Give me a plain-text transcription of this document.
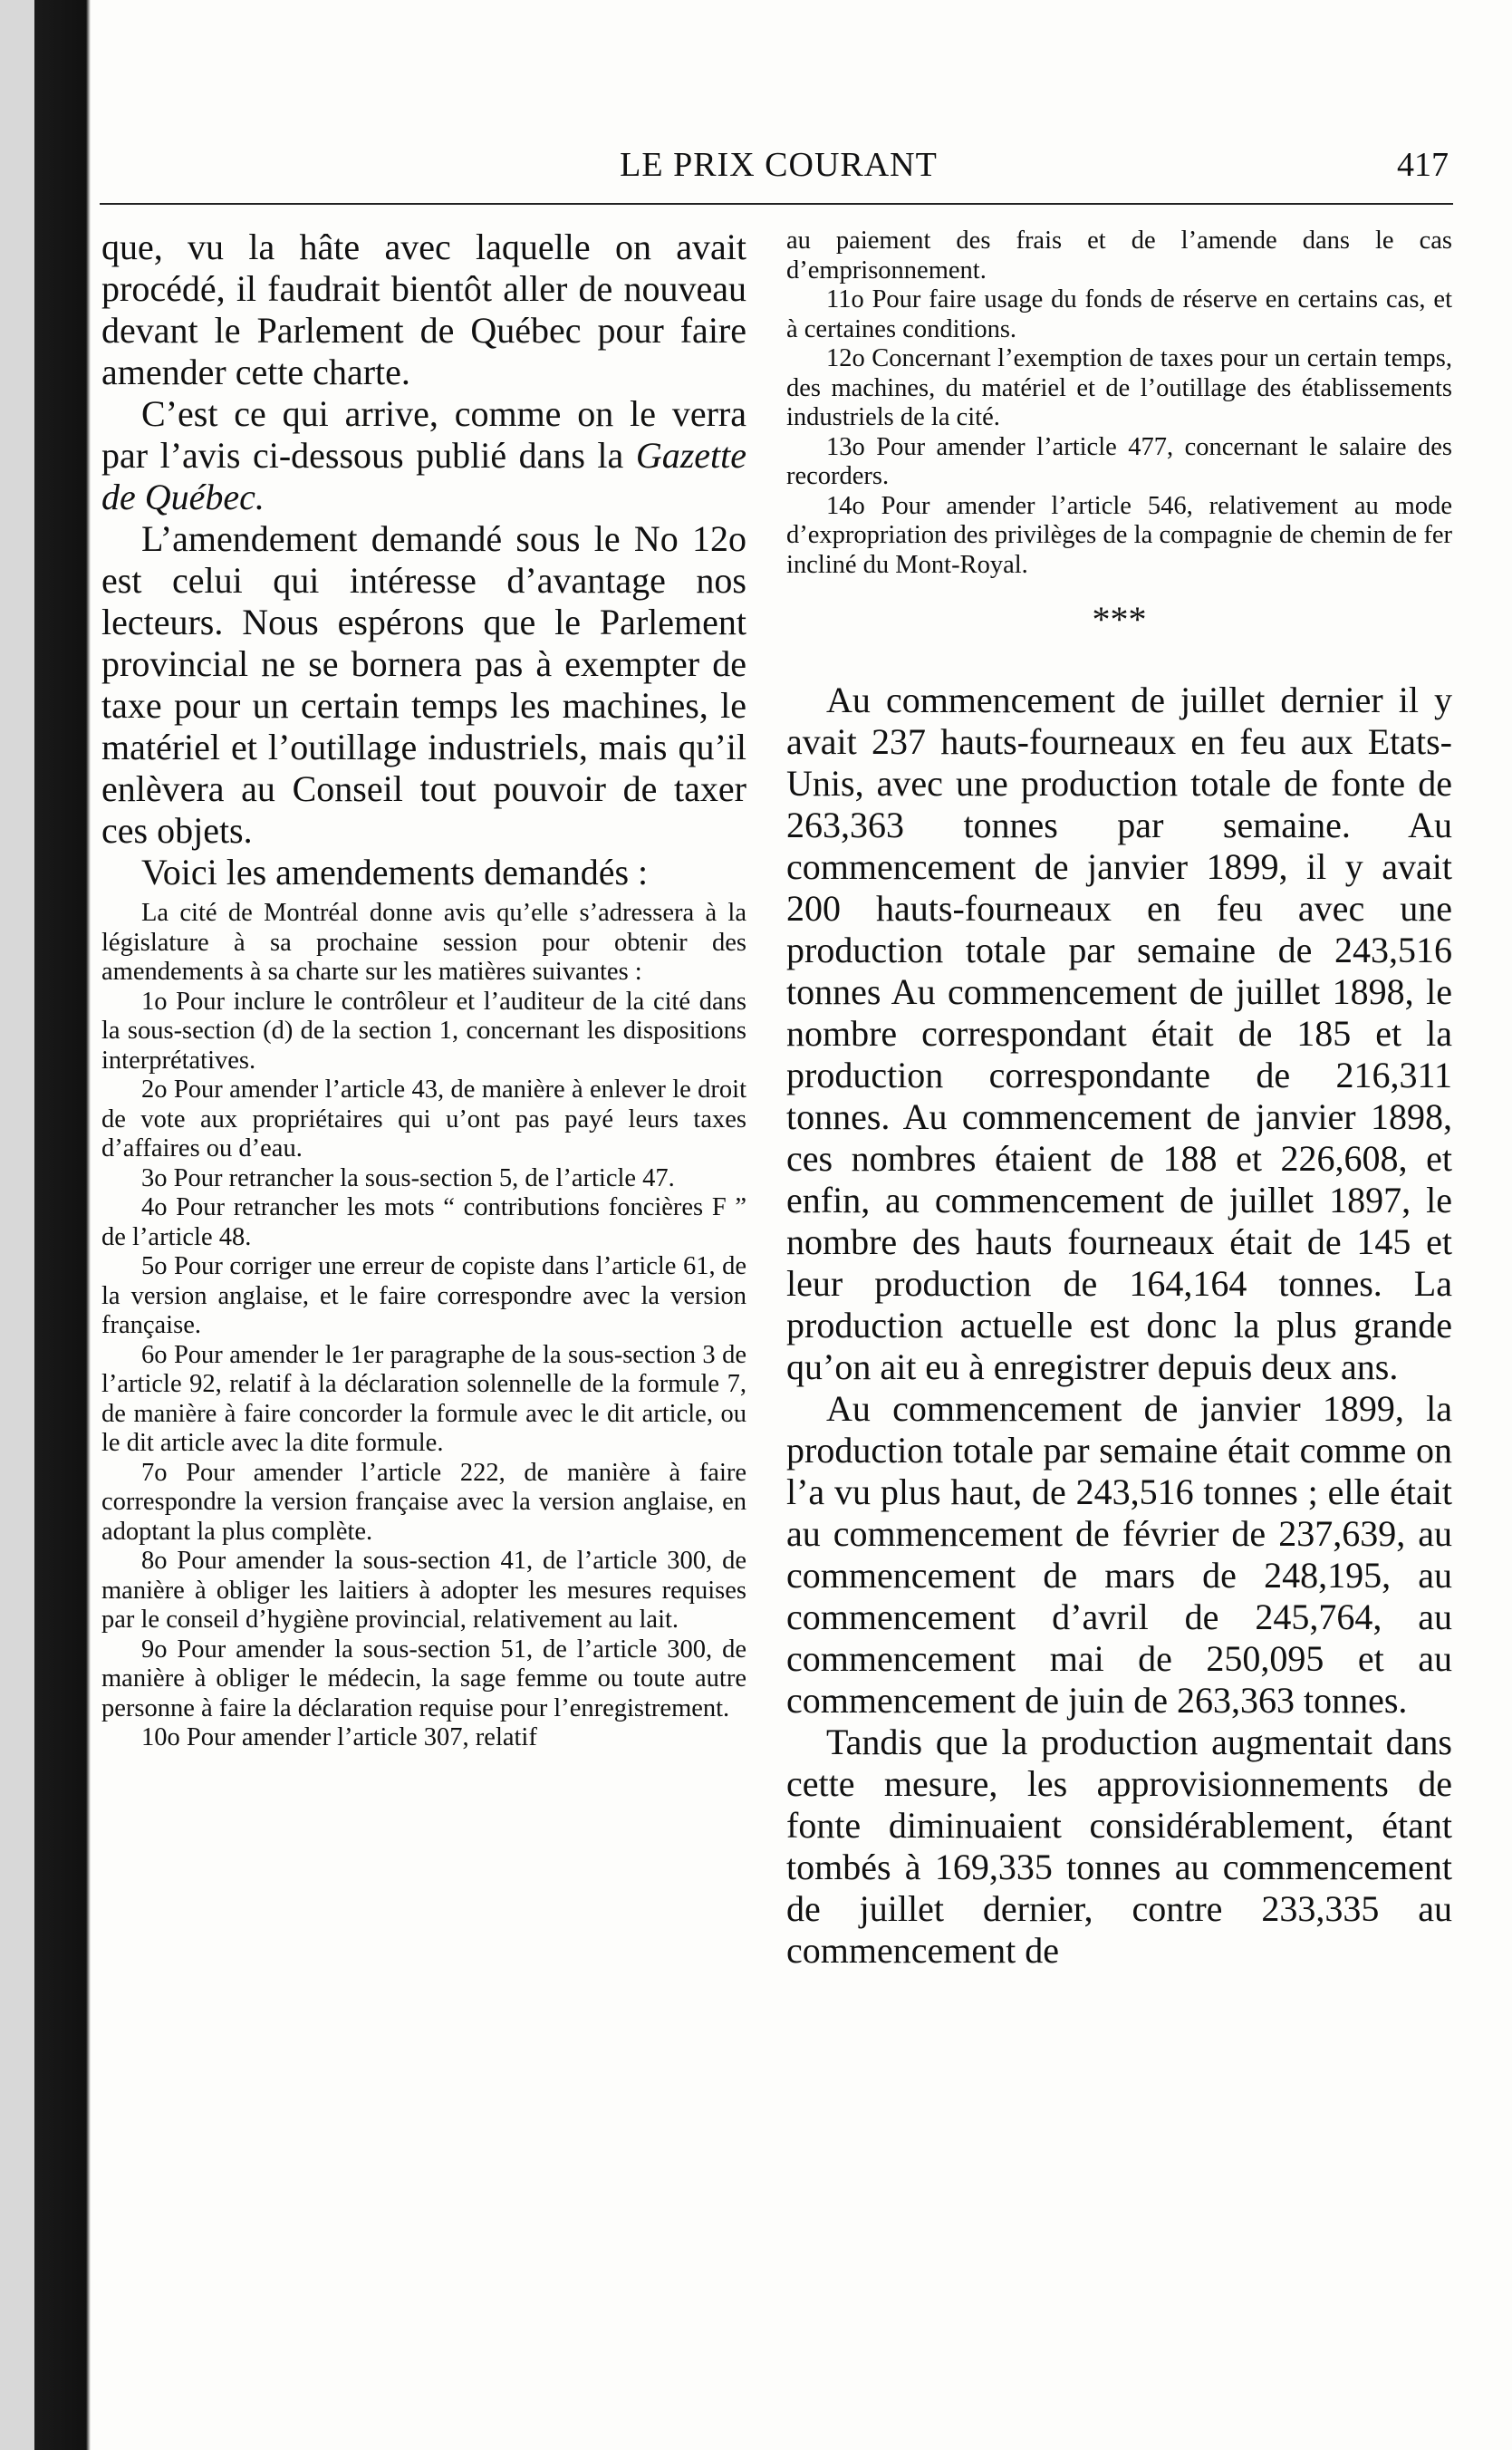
LE PRIX COURANT	417

que, vu la hâte avec laquelle on avait procédé, il faudrait bientôt aller de nouveau devant le Parlement de Québec pour faire amender cette charte.

C’est ce qui arrive, comme on le verra par l’avis ci-dessous publié dans la Gazette de Québec.

L’amendement demandé sous le No 12o est celui qui intéresse d’avantage nos lecteurs. Nous espérons que le Parlement provincial ne se bornera pas à exempter de taxe pour un certain temps les machines, le matériel et l’outillage industriels, mais qu’il enlèvera au Conseil tout pouvoir de taxer ces objets.

Voici les amendements demandés :

La cité de Montréal donne avis qu’elle s’adressera à la législature à sa prochaine session pour obtenir des amendements à sa charte sur les matières suivantes :

1o Pour inclure le contrôleur et l’auditeur de la cité dans la sous-section (d) de la section 1, concernant les dispositions interprétatives.

2o Pour amender l’article 43, de manière à enlever le droit de vote aux propriétaires qui u’ont pas payé leurs taxes d’affaires ou d’eau.

3o Pour retrancher la sous-section 5, de l’article 47.

4o Pour retrancher les mots “ contributions foncières F ” de l’article 48.

5o Pour corriger une erreur de copiste dans l’article 61, de la version anglaise, et le faire correspondre avec la version française.

6o Pour amender le 1er paragraphe de la sous-section 3 de l’article 92, relatif à la déclaration solennelle de la formule 7, de manière à faire concorder la formule avec le dit article, ou le dit article avec la dite formule.

7o Pour amender l’article 222, de manière à faire correspondre la version française avec la version anglaise, en adoptant la plus complète.

8o Pour amender la sous-section 41, de l’article 300, de manière à obliger les laitiers à adopter les mesures requises par le conseil d’hygiène provincial, relativement au lait.

9o Pour amender la sous-section 51, de l’article 300, de manière à obliger le médecin, la sage femme ou toute autre personne à faire la déclaration requise pour l’enregistrement.

10o Pour amender l’article 307, relatif

au paiement des frais et de l’amende dans le cas d’emprisonnement.

11o Pour faire usage du fonds de réserve en certains cas, et à certaines conditions.

12o Concernant l’exemption de taxes pour un certain temps, des machines, du matériel et de l’outillage des établissements industriels de la cité.

13o Pour amender l’article 477, concernant le salaire des recorders.

14o Pour amender l’article 546, relativement au mode d’expropriation des privilèges de la compagnie de chemin de fer incliné du Mont-Royal.

***

Au commencement de juillet dernier il y avait 237 hauts-fourneaux en feu aux Etats-Unis, avec une production totale de fonte de 263,363 tonnes par semaine. Au commencement de janvier 1899, il y avait 200 hauts-fourneaux en feu avec une production totale par semaine de 243,516 tonnes Au commencement de juillet 1898, le nombre correspondant était de 185 et la production correspondante de 216,311 tonnes. Au commencement de janvier 1898, ces nombres étaient de 188 et 226,608, et enfin, au commencement de juillet 1897, le nombre des hauts fourneaux était de 145 et leur production de 164,164 tonnes. La production actuelle est donc la plus grande qu’on ait eu à enregistrer depuis deux ans.

Au commencement de janvier 1899, la production totale par semaine était comme on l’a vu plus haut, de 243,516 tonnes ; elle était au commencement de février de 237,639, au commencement de mars de 248,195, au commencement d’avril de 245,764, au commencement mai de 250,095 et au commencement de juin de 263,363 tonnes.

Tandis que la production augmentait dans cette mesure, les approvisionnements de fonte diminuaient considérablement, étant tombés à 169,335 tonnes au commencement de juillet dernier, contre 233,335 au commencement de
